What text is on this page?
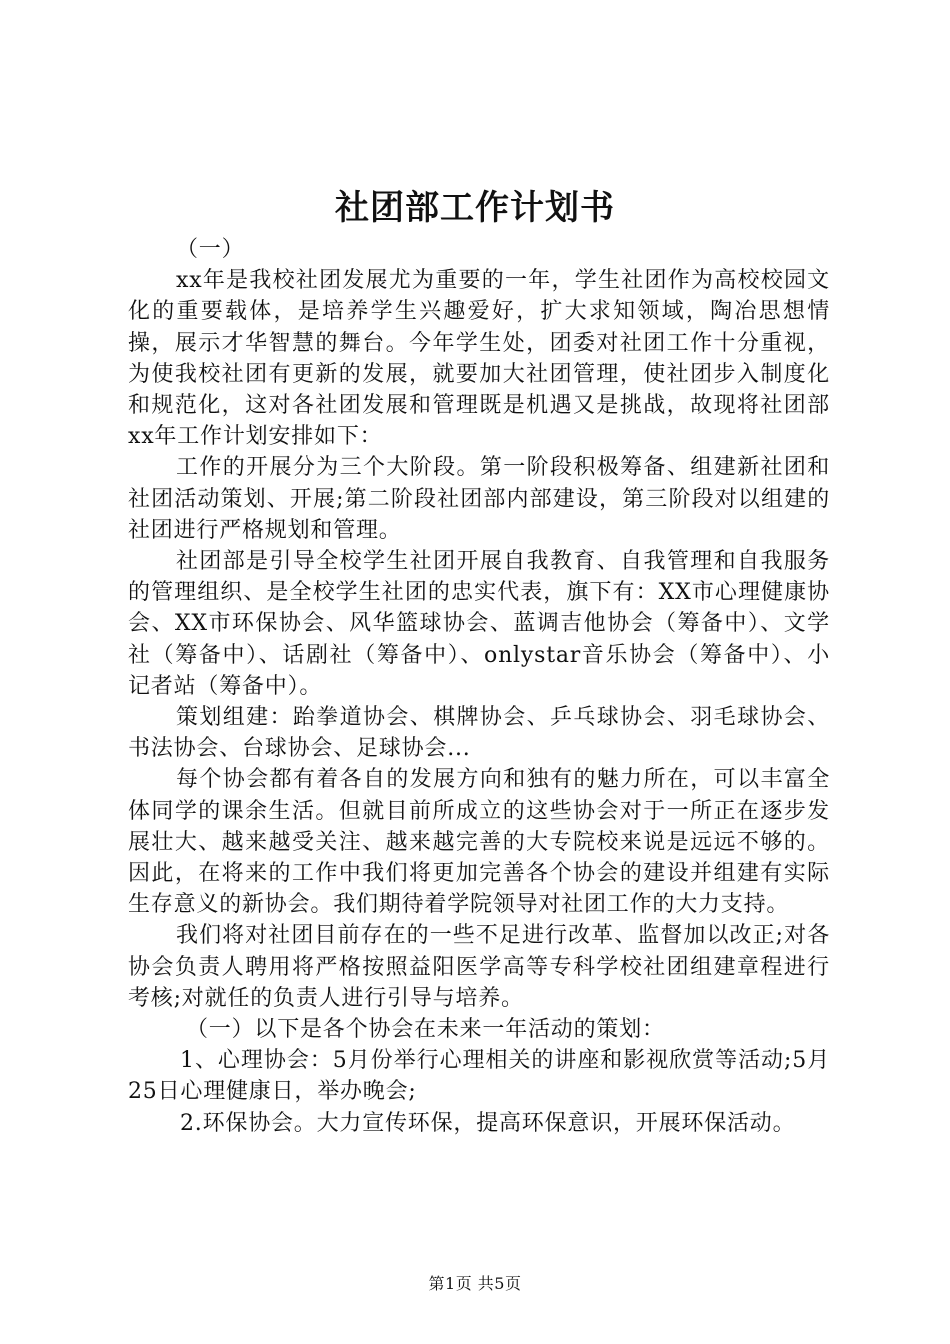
社团部工作计划书

（一）

xx年是我校社团发展尤为重要的一年，学生社团作为高校校园文化的重要载体，是培养学生兴趣爱好，扩大求知领域，陶冶思想情操，展示才华智慧的舞台。今年学生处，团委对社团工作十分重视，为使我校社团有更新的发展，就要加大社团管理，使社团步入制度化和规范化，这对各社团发展和管理既是机遇又是挑战，故现将社团部xx年工作计划安排如下：

工作的开展分为三个大阶段。第一阶段积极筹备、组建新社团和社团活动策划、开展;第二阶段社团部内部建设，第三阶段对以组建的社团进行严格规划和管理。

社团部是引导全校学生社团开展自我教育、自我管理和自我服务的管理组织、是全校学生社团的忠实代表，旗下有：XX市心理健康协会、XX市环保协会、风华篮球协会、蓝调吉他协会（筹备中）、文学社（筹备中）、话剧社（筹备中）、onlystar音乐协会（筹备中）、小记者站（筹备中）。

策划组建：跆拳道协会、棋牌协会、乒乓球协会、羽毛球协会、书法协会、台球协会、足球协会...

每个协会都有着各自的发展方向和独有的魅力所在，可以丰富全体同学的课余生活。但就目前所成立的这些协会对于一所正在逐步发展壮大、越来越受关注、越来越完善的大专院校来说是远远不够的。因此，在将来的工作中我们将更加完善各个协会的建设并组建有实际生存意义的新协会。我们期待着学院领导对社团工作的大力支持。

我们将对社团目前存在的一些不足进行改革、监督加以改正;对各协会负责人聘用将严格按照益阳医学高等专科学校社团组建章程进行考核;对就任的负责人进行引导与培养。

（一）以下是各个协会在未来一年活动的策划：

1、心理协会：5月份举行心理相关的讲座和影视欣赏等活动;5月25日心理健康日，举办晚会;

2.环保协会。大力宣传环保，提高环保意识，开展环保活动。

第1页 共5页
